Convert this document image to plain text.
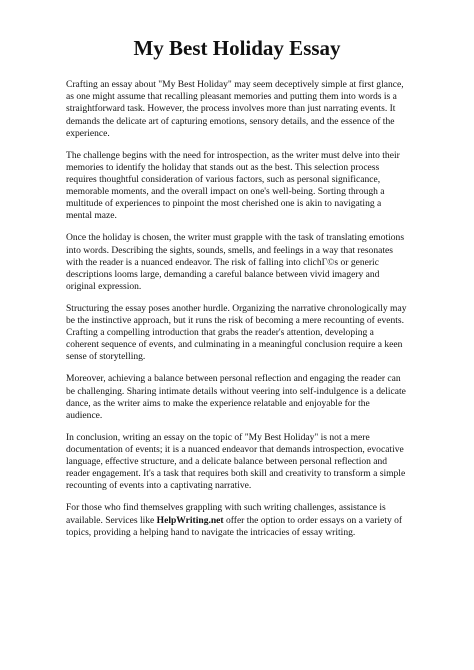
My Best Holiday Essay

Crafting an essay about "My Best Holiday" may seem deceptively simple at first glance, as one might assume that recalling pleasant memories and putting them into words is a straightforward task. However, the process involves more than just narrating events. It demands the delicate art of capturing emotions, sensory details, and the essence of the experience.

The challenge begins with the need for introspection, as the writer must delve into their memories to identify the holiday that stands out as the best. This selection process requires thoughtful consideration of various factors, such as personal significance, memorable moments, and the overall impact on one's well-being. Sorting through a multitude of experiences to pinpoint the most cherished one is akin to navigating a mental maze.

Once the holiday is chosen, the writer must grapple with the task of translating emotions into words. Describing the sights, sounds, smells, and feelings in a way that resonates with the reader is a nuanced endeavor. The risk of falling into clichГ©s or generic descriptions looms large, demanding a careful balance between vivid imagery and original expression.

Structuring the essay poses another hurdle. Organizing the narrative chronologically may be the instinctive approach, but it runs the risk of becoming a mere recounting of events. Crafting a compelling introduction that grabs the reader's attention, developing a coherent sequence of events, and culminating in a meaningful conclusion require a keen sense of storytelling.

Moreover, achieving a balance between personal reflection and engaging the reader can be challenging. Sharing intimate details without veering into self-indulgence is a delicate dance, as the writer aims to make the experience relatable and enjoyable for the audience.

In conclusion, writing an essay on the topic of "My Best Holiday" is not a mere documentation of events; it is a nuanced endeavor that demands introspection, evocative language, effective structure, and a delicate balance between personal reflection and reader engagement. It's a task that requires both skill and creativity to transform a simple recounting of events into a captivating narrative.

For those who find themselves grappling with such writing challenges, assistance is available. Services like HelpWriting.net offer the option to order essays on a variety of topics, providing a helping hand to navigate the intricacies of essay writing.
